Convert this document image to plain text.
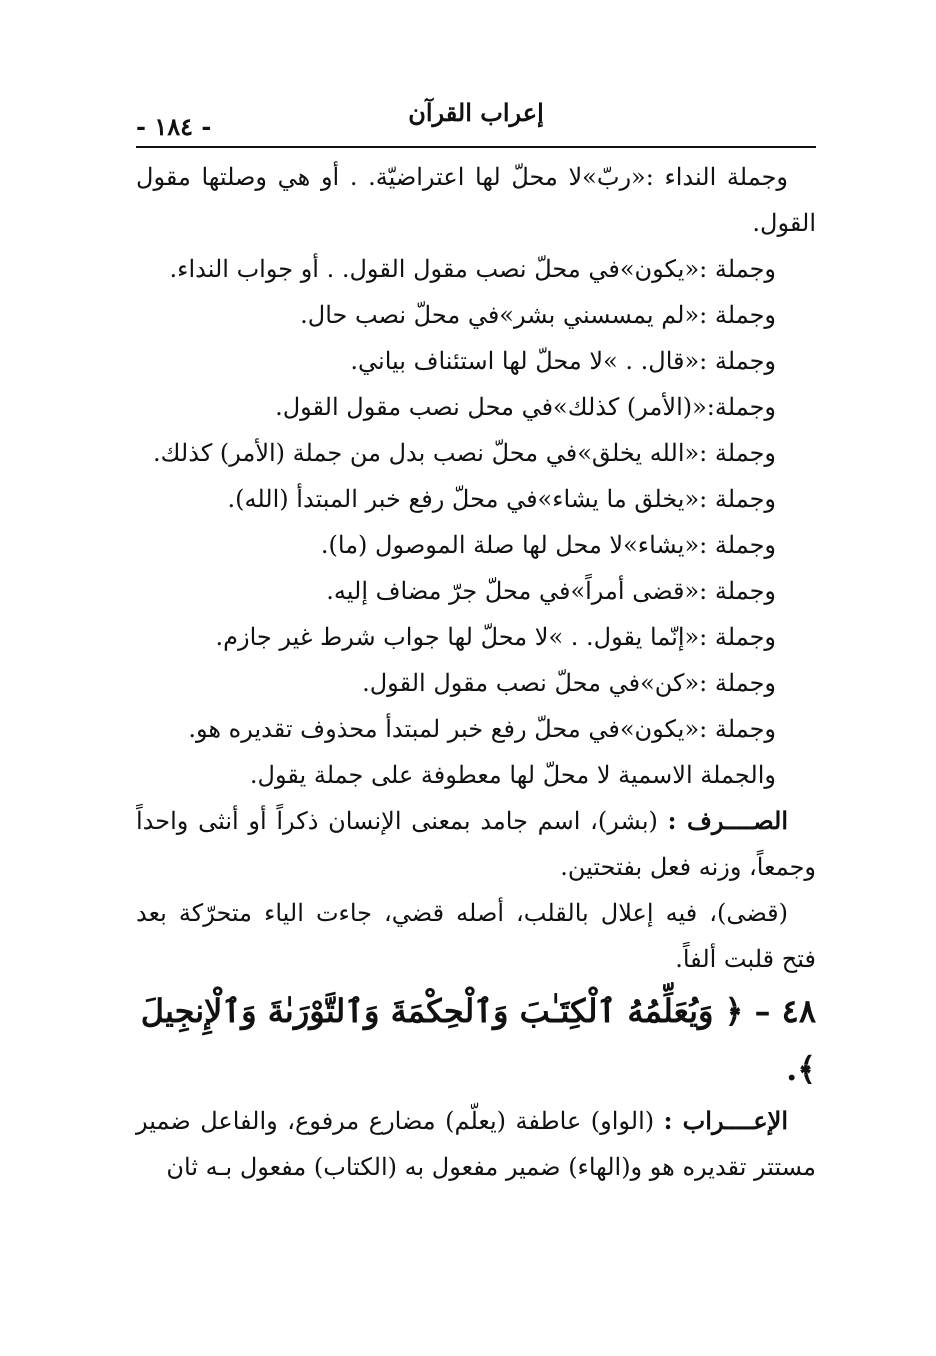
إعراب القرآن
- ١٨٤ -

وجملة النداء :«ربّ»لا محلّ لها اعتراضيّة. . أو هي وصلتها مقول القول.

وجملة :«يكون»في محلّ نصب مقول القول. . أو جواب النداء.

وجملة :«لم يمسسني بشر»في محلّ نصب حال.

وجملة :«قال. . »لا محلّ لها استئناف بياني.

وجملة:«(الأمر) كذلك»في محل نصب مقول القول.

وجملة :«الله يخلق»في محلّ نصب بدل من جملة (الأمر) كذلك.

وجملة :«يخلق ما يشاء»في محلّ رفع خبر المبتدأ (الله).

وجملة :«يشاء»لا محل لها صلة الموصول (ما).

وجملة :«قضى أمراً»في محلّ جرّ مضاف إليه.

وجملة :«إنّما يقول. . »لا محلّ لها جواب شرط غير جازم.

وجملة :«كن»في محلّ نصب مقول القول.

وجملة :«يكون»في محلّ رفع خبر لمبتدأ محذوف تقديره هو.

والجملة الاسمية لا محلّ لها معطوفة على جملة يقول.

الصــــرف : (بشر)، اسم جامد بمعنى الإنسان ذكراً أو أنثى واحداً وجمعاً، وزنه فعل بفتحتين.

(قضى)، فيه إعلال بالقلب، أصله قضي، جاءت الياء متحرّكة بعد فتح قلبت ألفاً.

٤٨ – ﴿ وَيُعَلِّمُهُ ٱلْكِتَـٰبَ وَٱلْحِكْمَةَ وَٱلتَّوْرَىٰةَ وَٱلْإِنجِيلَ ﴾.

الإعــــراب : (الواو) عاطفة (يعلّم) مضارع مرفوع، والفاعل ضمير مستتر تقديره هو و(الهاء) ضمير مفعول به (الكتاب) مفعول بـه ثان
